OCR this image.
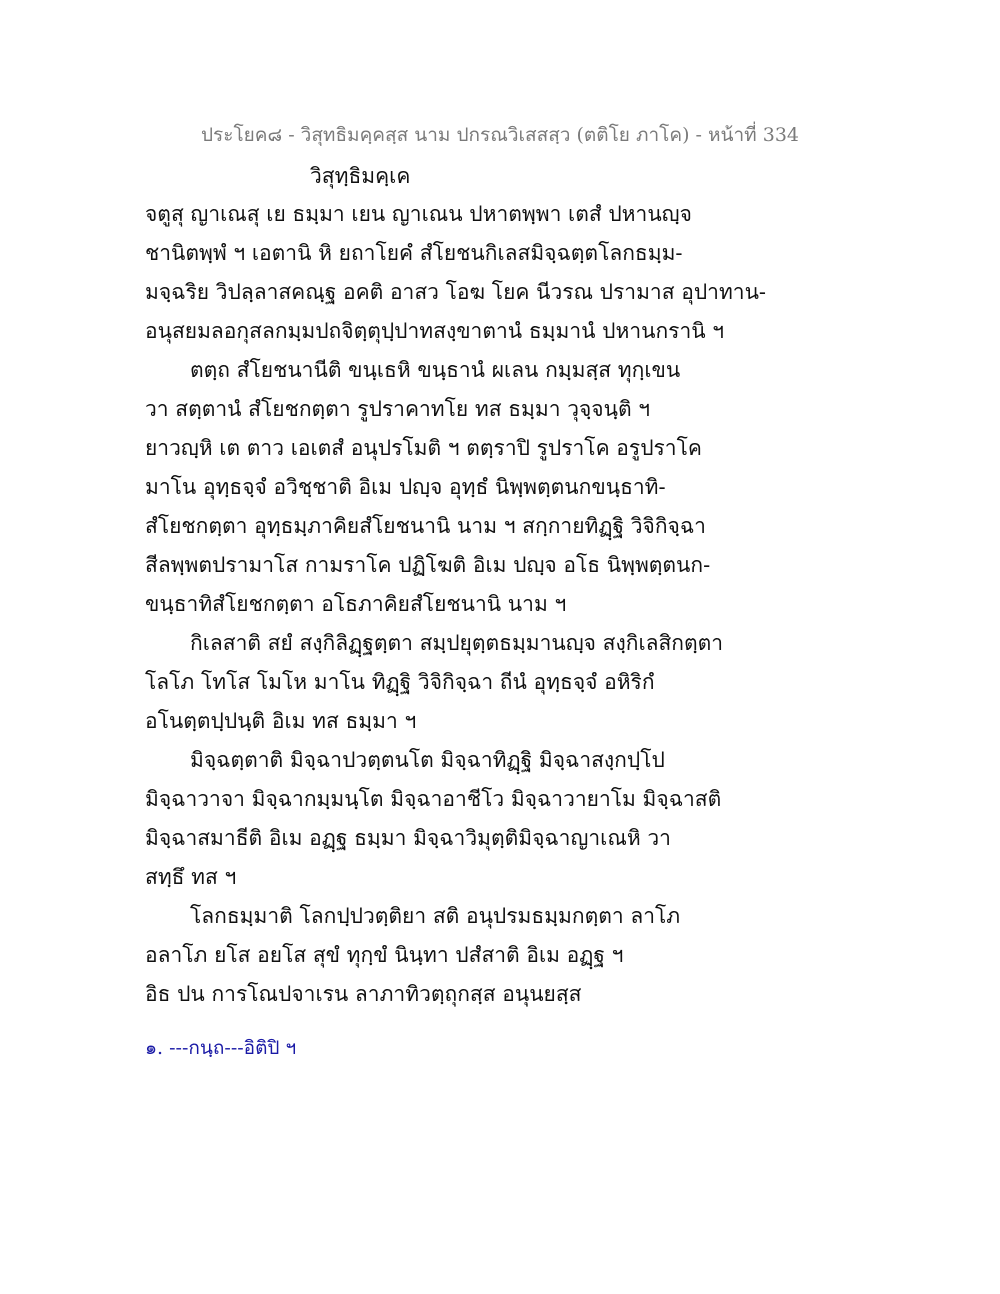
ประโยค๘ - วิสุทธิมคฺคสฺส นาม ปกรณวิเสสสฺว (ตติโย ภาโค) - หน้าที่ 334
วิสุทฺธิมคฺเค
จตูสุ ญาเณสุ เย ธมฺมา เยน ญาเณน ปหาตพฺพา เตสํ ปหานญฺจ
ชานิตพฺพํ ฯ เอตานิ หิ ยถาโยคํ สํโยชนกิเลสมิจฺฉตฺตโลกธมฺม-
มจฺฉริย วิปลฺลาสคณฺฐ อคติ อาสว โอฆ โยค นีวรณ ปรามาส อุปาทาน-
อนุสยมลอกุสลกมฺมปถจิตฺตุปฺปาทสงฺขาตานํ ธมฺมานํ ปหานกรานิ ฯ
ตตฺถ สํโยชนานีติ ขนฺเธหิ ขนฺธานํ ผเลน กมฺมสฺส ทุกฺเขน
วา สตฺตานํ สํโยชกตฺตา รูปราคาทโย ทส ธมฺมา วุจฺจนฺติ ฯ
ยาวญฺหิ เต ตาว เอเตสํ อนุปรโมติ ฯ ตตฺราปิ รูปราโค อรูปราโค
มาโน อุทฺธจฺจํ อวิชฺชาติ อิเม ปญฺจ อุทฺธํ นิพฺพตฺตนกขนฺธาทิ-
สํโยชกตฺตา อุทฺธมฺภาคิยสํโยชนานิ นาม ฯ สกฺกายทิฏฺฐิ วิจิกิจฺฉา
สีลพฺพตปรามาโส กามราโค ปฏิโฆติ อิเม ปญฺจ อโธ นิพฺพตฺตนก-
ขนฺธาทิสํโยชกตฺตา อโธภาคิยสํโยชนานิ นาม ฯ
กิเลสาติ สยํ สงฺกิลิฏฺฐตฺตา สมฺปยุตฺตธมฺมานญฺจ สงฺกิเลสิกตฺตา
โลโภ โทโส โมโห มาโน ทิฏฺฐิ วิจิกิจฺฉา ถีนํ อุทฺธจฺจํ อหิริกํ
อโนตฺตปฺปนฺติ อิเม ทส ธมฺมา ฯ
มิจฺฉตฺตาติ มิจฺฉาปวตฺตนโต มิจฺฉาทิฏฺฐิ มิจฺฉาสงฺกปฺโป
มิจฺฉาวาจา มิจฺฉากมฺมนฺโต มิจฺฉาอาชีโว มิจฺฉาวายาโม มิจฺฉาสติ
มิจฺฉาสมาธีติ อิเม อฏฺฐ ธมฺมา มิจฺฉาวิมุตฺติมิจฺฉาญาเณหิ วา
สทฺธึ ทส ฯ
โลกธมฺมาติ โลกปฺปวตฺติยา สติ อนุปรมธมฺมกตฺตา ลาโภ
อลาโภ ยโส อยโส สุขํ ทุกฺขํ นินฺทา ปสํสาติ อิเม อฏฺฐ ฯ
อิธ ปน การโณปจาเรน ลาภาทิวตฺถุกสฺส อนุนยสฺส
๑. ---กนฺถ---อิติปิ ฯ
